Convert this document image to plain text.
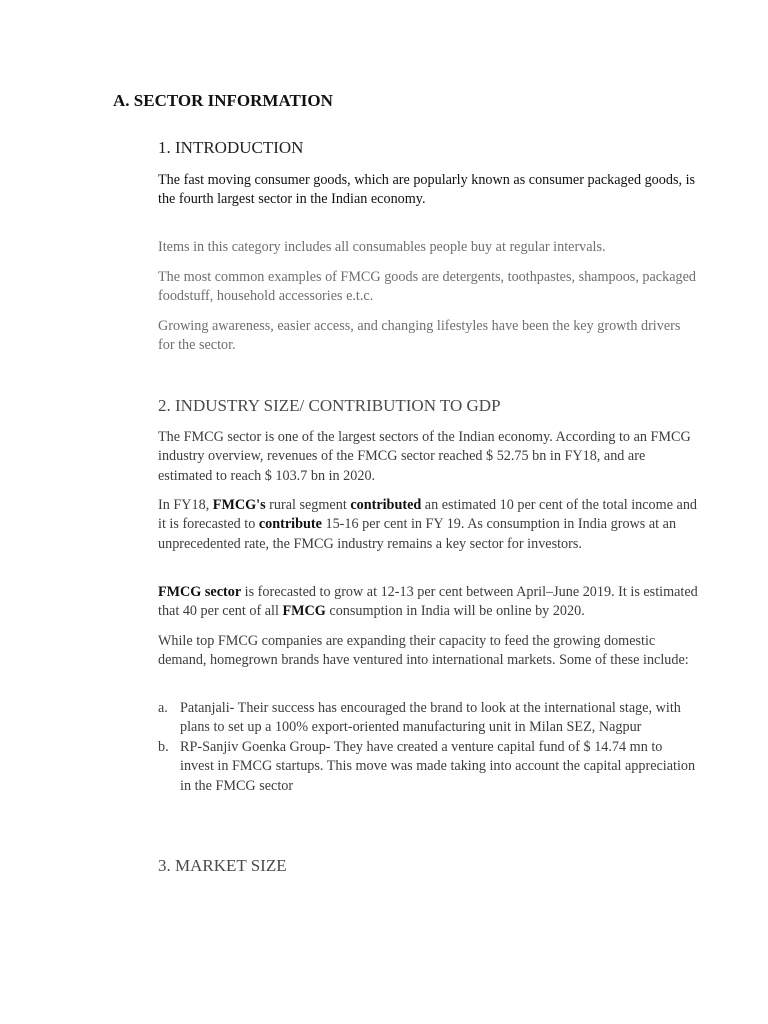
A. SECTOR INFORMATION
1. INTRODUCTION

The fast moving consumer goods, which are popularly known as consumer packaged goods, is the fourth largest sector in the Indian economy.

Items in this category includes all consumables people buy at regular intervals.

The most common examples of FMCG goods are detergents, toothpastes, shampoos, packaged foodstuff, household accessories e.t.c.

Growing awareness, easier access, and changing lifestyles have been the key growth drivers for the sector.

2. INDUSTRY SIZE/ CONTRIBUTION TO GDP

The FMCG sector is one of the largest sectors of the Indian economy. According to an FMCG industry overview, revenues of the FMCG sector reached $ 52.75 bn in FY18, and are estimated to reach $ 103.7 bn in 2020.

In FY18, FMCG's rural segment contributed an estimated 10 per cent of the total income and it is forecasted to contribute 15-16 per cent in FY 19. As consumption in India grows at an unprecedented rate, the FMCG industry remains a key sector for investors.

FMCG sector is forecasted to grow at 12-13 per cent between April–June 2019. It is estimated that 40 per cent of all FMCG consumption in India will be online by 2020.

While top FMCG companies are expanding their capacity to feed the growing domestic demand, homegrown brands have ventured into international markets. Some of these include:

a. Patanjali- Their success has encouraged the brand to look at the international stage, with plans to set up a 100% export-oriented manufacturing unit in Milan SEZ, Nagpur
b. RP-Sanjiv Goenka Group- They have created a venture capital fund of $ 14.74 mn to invest in FMCG startups. This move was made taking into account the capital appreciation in the FMCG sector
3. MARKET SIZE
